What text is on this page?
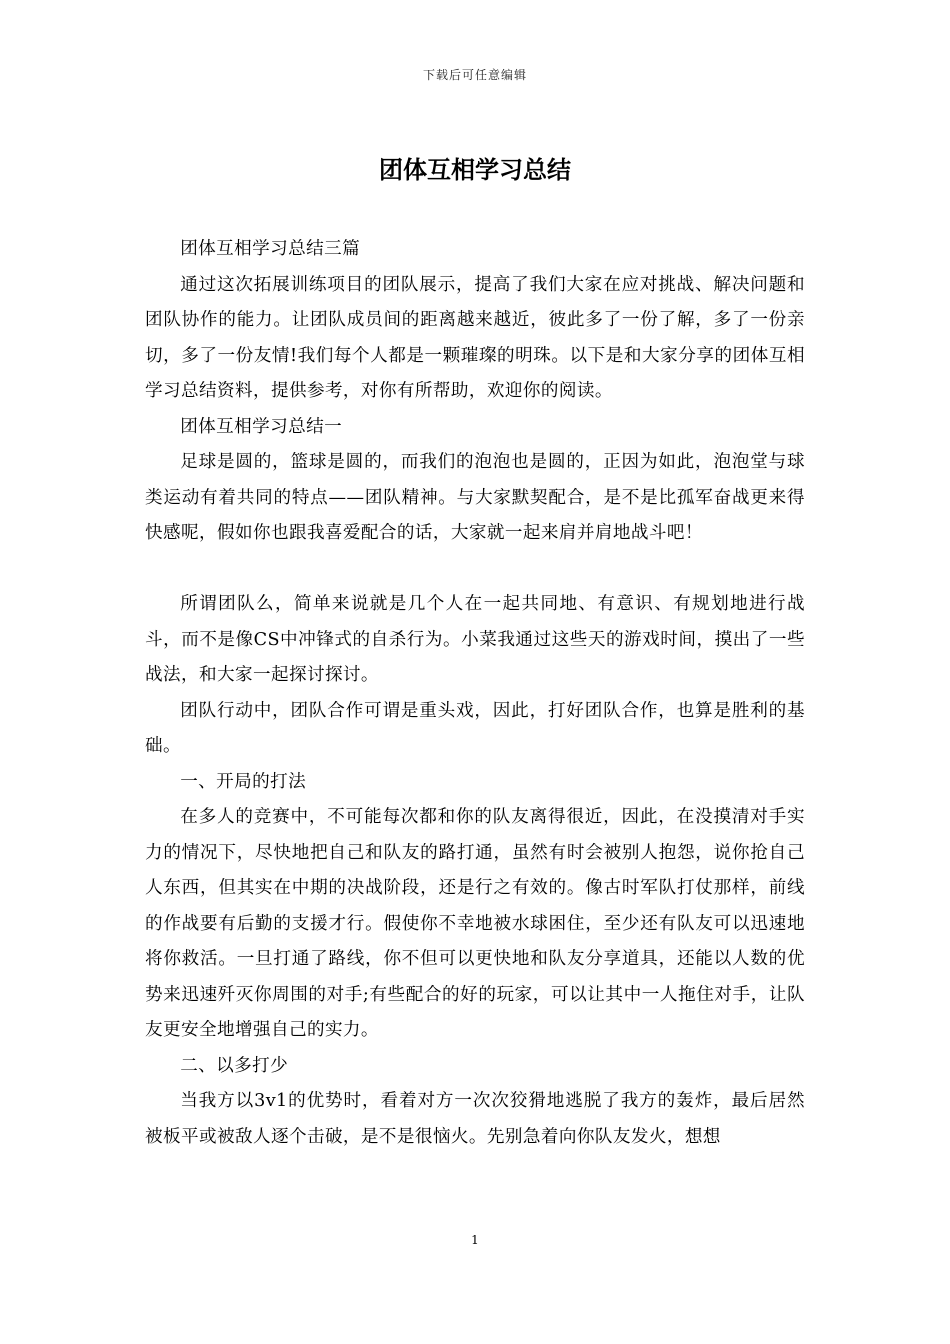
下载后可任意编辑
团体互相学习总结

团体互相学习总结三篇

通过这次拓展训练项目的团队展示，提高了我们大家在应对挑战、解决问题和团队协作的能力。让团队成员间的距离越来越近，彼此多了一份了解，多了一份亲切，多了一份友情!我们每个人都是一颗璀璨的明珠。以下是和大家分享的团体互相学习总结资料，提供参考，对你有所帮助，欢迎你的阅读。

团体互相学习总结一

足球是圆的，篮球是圆的，而我们的泡泡也是圆的，正因为如此，泡泡堂与球类运动有着共同的特点——团队精神。与大家默契配合，是不是比孤军奋战更来得快感呢，假如你也跟我喜爱配合的话，大家就一起来肩并肩地战斗吧！

所谓团队么，简单来说就是几个人在一起共同地、有意识、有规划地进行战斗，而不是像CS中冲锋式的自杀行为。小菜我通过这些天的游戏时间，摸出了一些战法，和大家一起探讨探讨。

团队行动中，团队合作可谓是重头戏，因此，打好团队合作，也算是胜利的基础。

一、开局的打法

在多人的竞赛中，不可能每次都和你的队友离得很近，因此，在没摸清对手实力的情况下，尽快地把自己和队友的路打通，虽然有时会被别人抱怨，说你抢自己人东西，但其实在中期的决战阶段，还是行之有效的。像古时军队打仗那样，前线的作战要有后勤的支援才行。假使你不幸地被水球困住，至少还有队友可以迅速地将你救活。一旦打通了路线，你不但可以更快地和队友分享道具，还能以人数的优势来迅速歼灭你周围的对手;有些配合的好的玩家，可以让其中一人拖住对手，让队友更安全地增强自己的实力。

二、以多打少

当我方以3v1的优势时，看着对方一次次狡猾地逃脱了我方的轰炸，最后居然被板平或被敌人逐个击破，是不是很恼火。先别急着向你队友发火，想想

1
